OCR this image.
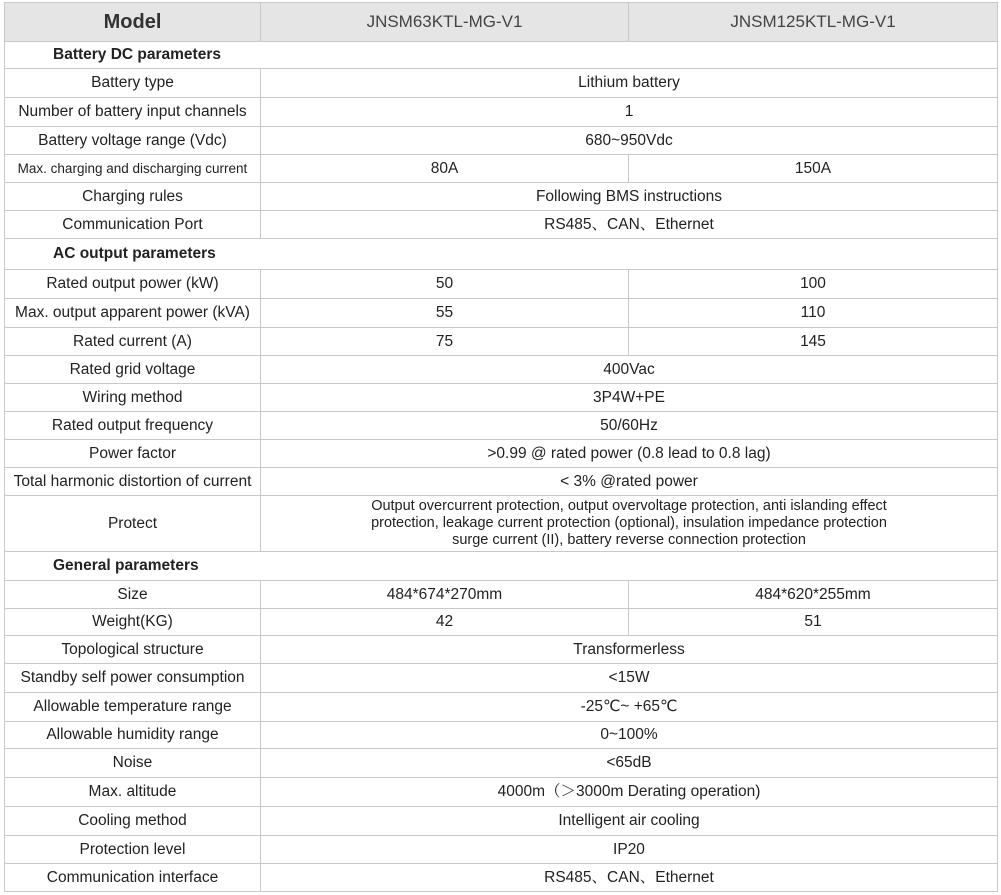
Model	JNSM63KTL-MG-V1	JNSM125KTL-MG-V1
Battery DC parameters		
Battery type	Lithium battery	
Number of battery input channels	1	
Battery voltage range (Vdc)	680~950Vdc	
Max. charging and discharging current	80A	150A
Charging rules	Following BMS instructions	
Communication Port	RS485、CAN、Ethernet	
AC output parameters		
Rated output power (kW)	50	100
Max. output apparent power (kVA)	55	110
Rated current (A)	75	145
Rated grid voltage	400Vac	
Wiring method	3P4W+PE	
Rated output frequency	50/60Hz	
Power factor	>0.99 @ rated power (0.8 lead to 0.8 lag)	
Total harmonic distortion of current	< 3% @rated power	
Protect	Output overcurrent protection, output overvoltage protection, anti islanding effect protection, leakage current protection (optional), insulation impedance protection surge current (II), battery reverse connection protection	
General parameters		
Size	484*674*270mm	484*620*255mm
Weight(KG)	42	51
Topological structure	Transformerless	
Standby self power consumption	<15W	
Allowable temperature range	-25℃~ +65℃	
Allowable humidity range	0~100%	
Noise	<65dB	
Max. altitude	4000m（＞3000m Derating operation)	
Cooling method	Intelligent air cooling	
Protection level	IP20	
Communication interface	RS485、CAN、Ethernet	
